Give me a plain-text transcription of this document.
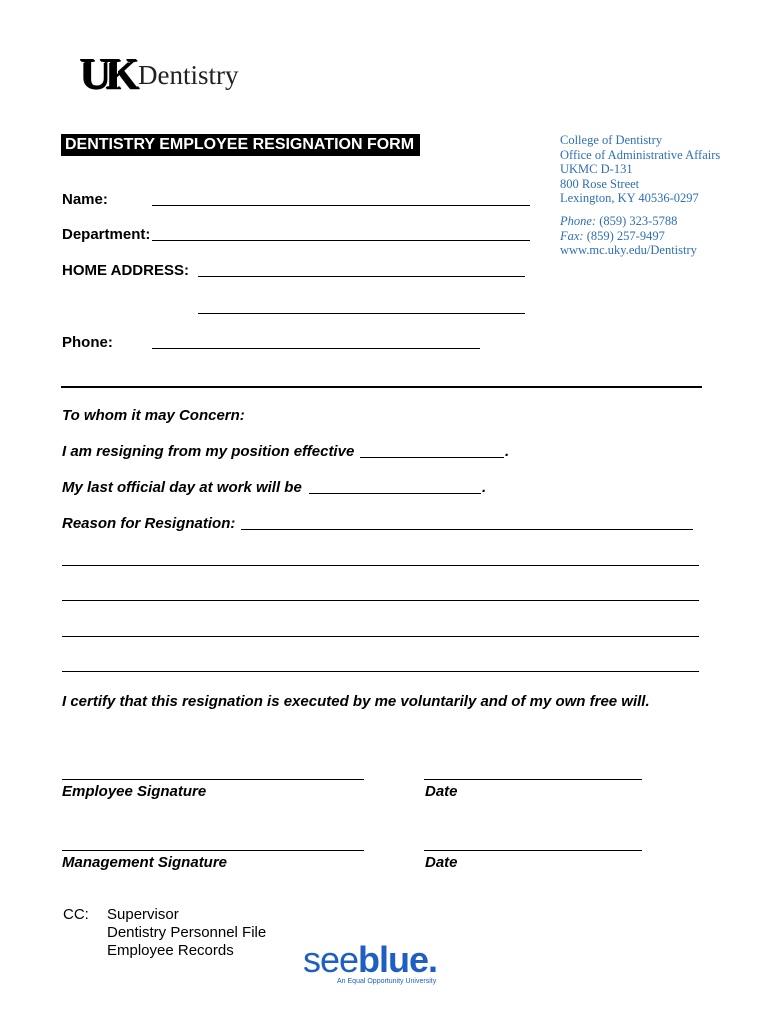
UK Dentistry
DENTISTRY EMPLOYEE RESIGNATION FORM	College of Dentistry
Office of Administrative Affairs
UKMC D-131
800 Rose Street
Lexington, KY 40536-0297
Phone: (859) 323-5788
Fax: (859) 257-9497
www.mc.uky.edu/Dentistry
Name:
Department:
HOME ADDRESS:
Phone:
To whom it may Concern:
I am resigning from my position effective	.
My last official day at work will be	.
Reason for Resignation:
I certify that this resignation is executed by me voluntarily and of my own free will.
Employee Signature	Date
Management Signature	Date
CC: Supervisor
Dentistry Personnel File
Employee Records	seeblue.
An Equal Opportunity University
